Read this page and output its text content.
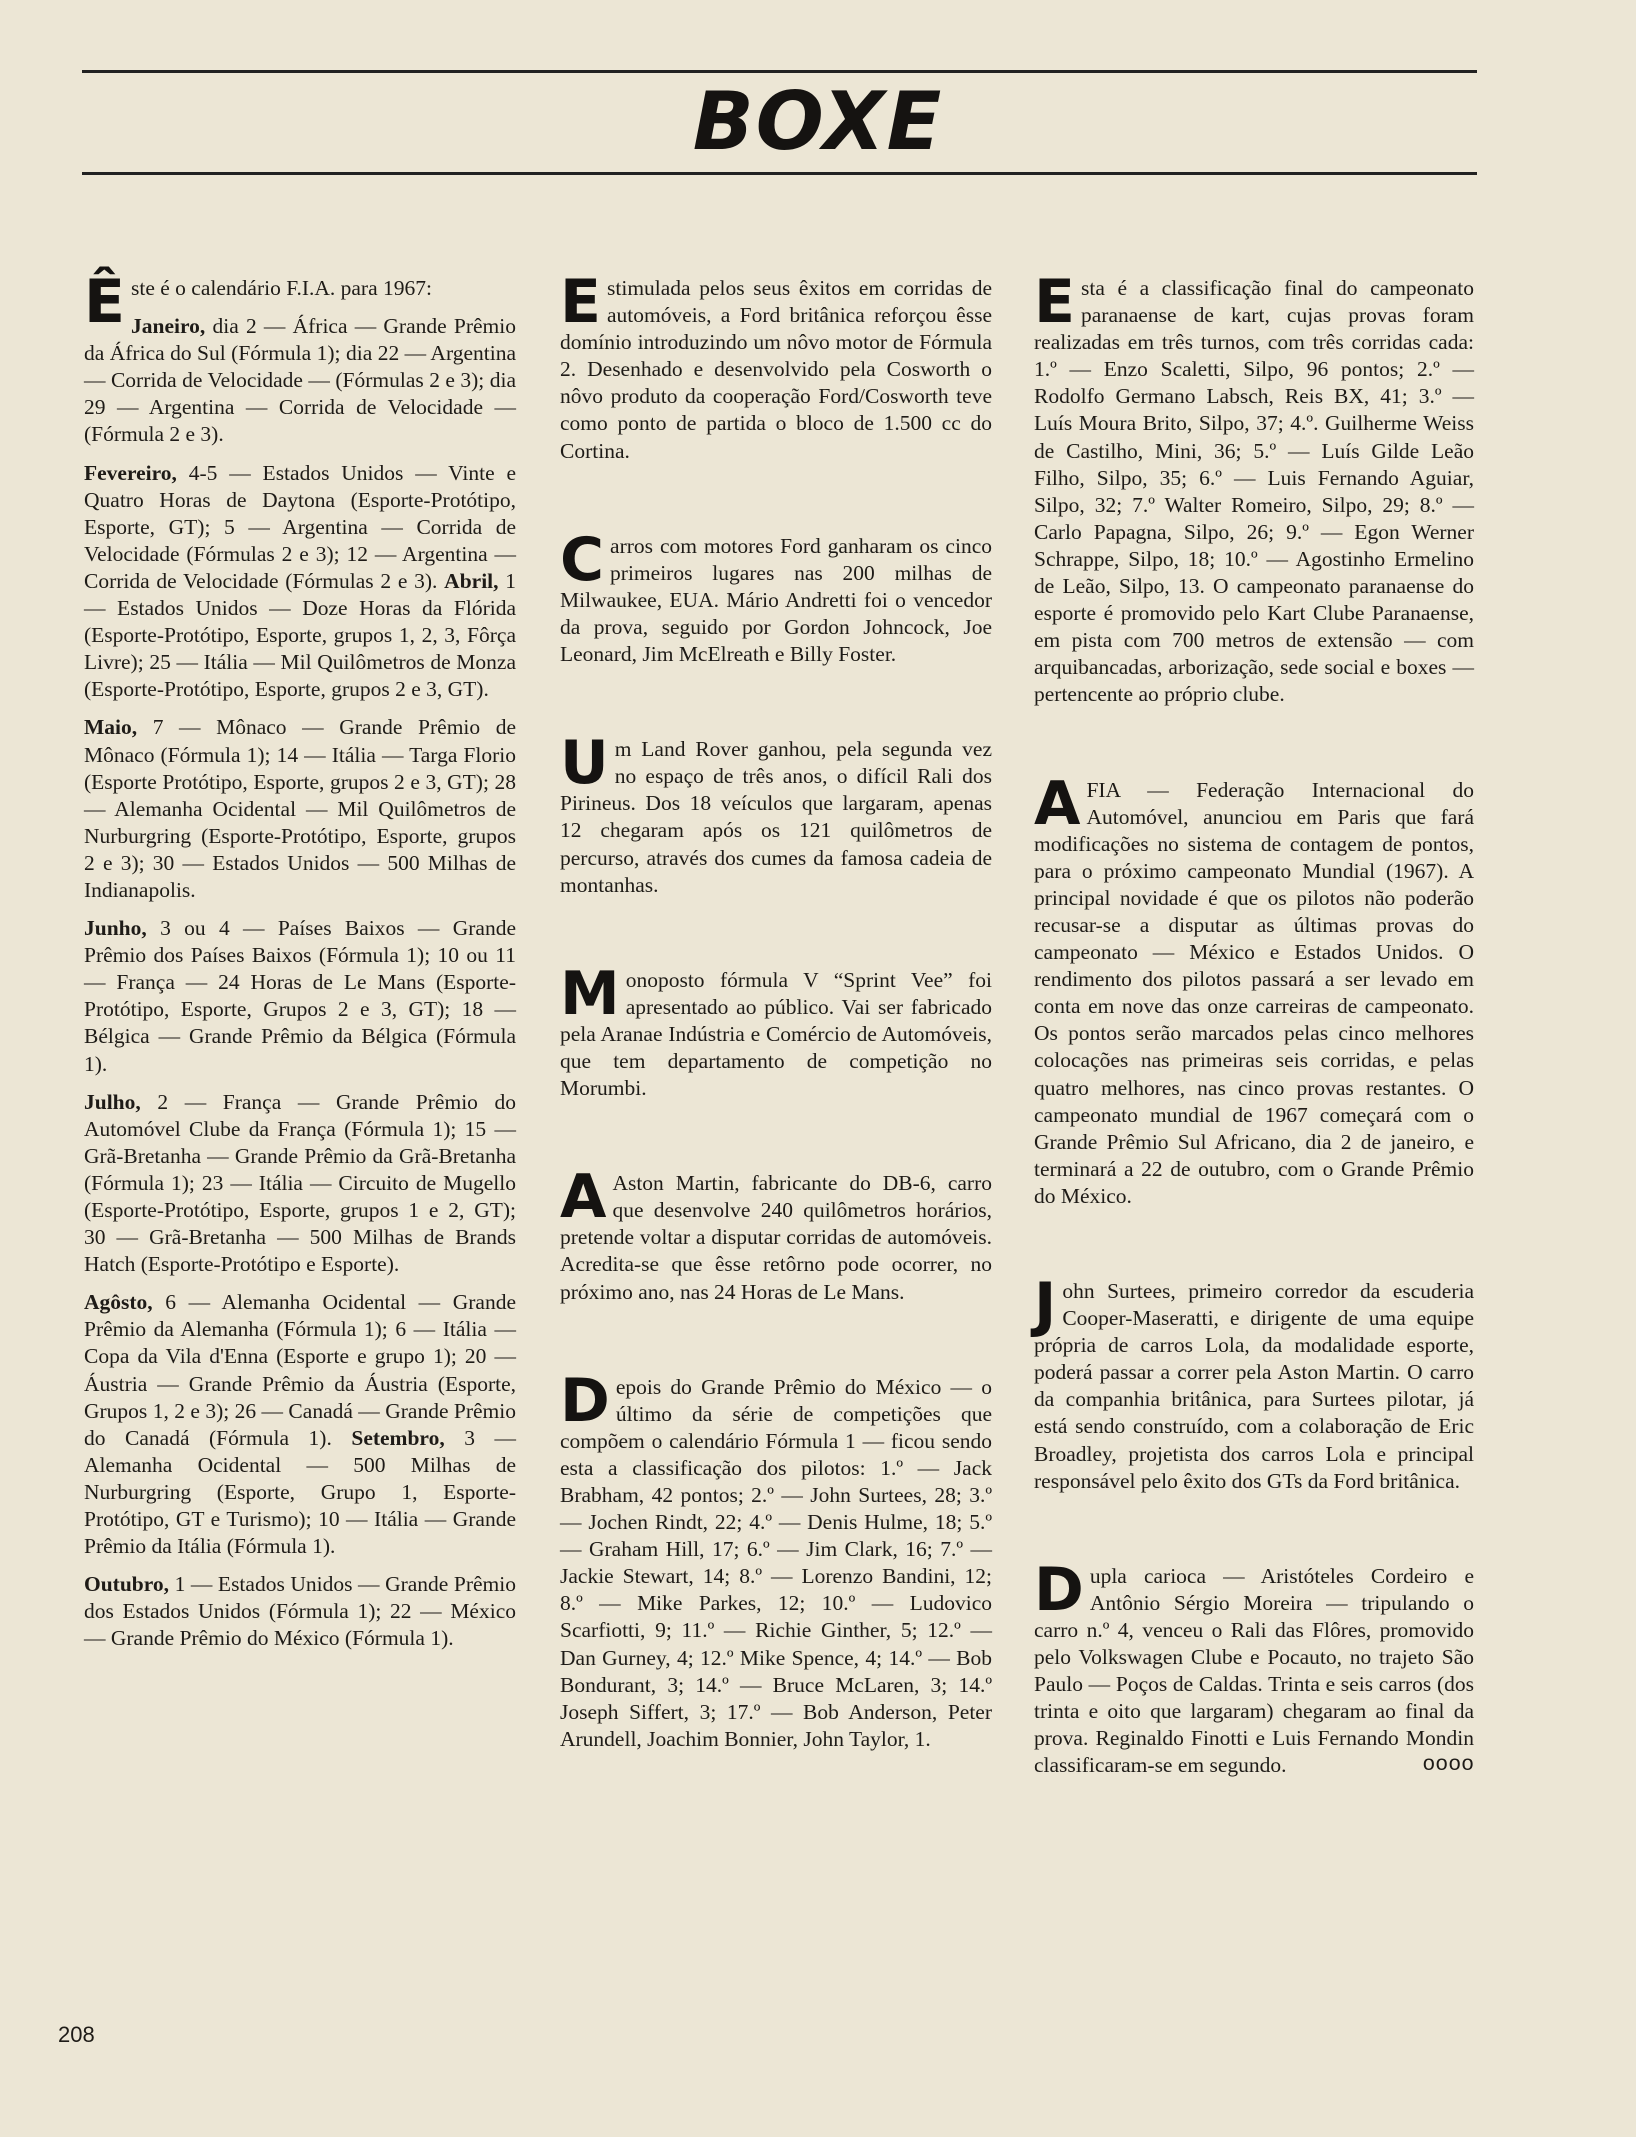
BOXE

Êste é o calendário F.I.A. para 1967:

Janeiro, dia 2 — África — Grande Prêmio da África do Sul (Fórmula 1); dia 22 — Argentina — Corrida de Velocidade — (Fórmulas 2 e 3); dia 29 — Argentina — Corrida de Velocidade — (Fórmula 2 e 3).

Fevereiro, 4-5 — Estados Unidos — Vinte e Quatro Horas de Daytona (Esporte-Protótipo, Esporte, GT); 5 — Argentina — Corrida de Velocidade (Fórmulas 2 e 3); 12 — Argentina — Corrida de Velocidade (Fórmulas 2 e 3). Abril, 1 — Estados Unidos — Doze Horas da Flórida (Esporte-Protótipo, Esporte, grupos 1, 2, 3, Fôrça Livre); 25 — Itália — Mil Quilômetros de Monza (Esporte-Protótipo, Esporte, grupos 2 e 3, GT).

Maio, 7 — Mônaco — Grande Prêmio de Mônaco (Fórmula 1); 14 — Itália — Targa Florio (Esporte Protótipo, Esporte, grupos 2 e 3, GT); 28 — Alemanha Ocidental — Mil Quilômetros de Nurburgring (Esporte-Protótipo, Esporte, grupos 2 e 3); 30 — Estados Unidos — 500 Milhas de Indianapolis.

Junho, 3 ou 4 — Países Baixos — Grande Prêmio dos Países Baixos (Fórmula 1); 10 ou 11 — França — 24 Horas de Le Mans (Esporte-Protótipo, Esporte, Grupos 2 e 3, GT); 18 — Bélgica — Grande Prêmio da Bélgica (Fórmula 1).

Julho, 2 — França — Grande Prêmio do Automóvel Clube da França (Fórmula 1); 15 — Grã-Bretanha — Grande Prêmio da Grã-Bretanha (Fórmula 1); 23 — Itália — Circuito de Mugello (Esporte-Protótipo, Esporte, grupos 1 e 2, GT); 30 — Grã-Bretanha — 500 Milhas de Brands Hatch (Esporte-Protótipo e Esporte).

Agôsto, 6 — Alemanha Ocidental — Grande Prêmio da Alemanha (Fórmula 1); 6 — Itália — Copa da Vila d'Enna (Esporte e grupo 1); 20 — Áustria — Grande Prêmio da Áustria (Esporte, Grupos 1, 2 e 3); 26 — Canadá — Grande Prêmio do Canadá (Fórmula 1). Setembro, 3 — Alemanha Ocidental — 500 Milhas de Nurburgring (Esporte, Grupo 1, Esporte-Protótipo, GT e Turismo); 10 — Itália — Grande Prêmio da Itália (Fórmula 1).

Outubro, 1 — Estados Unidos — Grande Prêmio dos Estados Unidos (Fórmula 1); 22 — México — Grande Prêmio do México (Fórmula 1).

Estimulada pelos seus êxitos em corridas de automóveis, a Ford britânica reforçou êsse domínio introduzindo um nôvo motor de Fórmula 2. Desenhado e desenvolvido pela Cosworth o nôvo produto da cooperação Ford/Cosworth teve como ponto de partida o bloco de 1.500 cc do Cortina.

Carros com motores Ford ganharam os cinco primeiros lugares nas 200 milhas de Milwaukee, EUA. Mário Andretti foi o vencedor da prova, seguido por Gordon Johncock, Joe Leonard, Jim McElreath e Billy Foster.

Um Land Rover ganhou, pela segunda vez no espaço de três anos, o difícil Rali dos Pirineus. Dos 18 veículos que largaram, apenas 12 chegaram após os 121 quilômetros de percurso, através dos cumes da famosa cadeia de montanhas.

Monoposto fórmula V “Sprint Vee” foi apresentado ao público. Vai ser fabricado pela Aranae Indústria e Comércio de Automóveis, que tem departamento de competição no Morumbi.

A Aston Martin, fabricante do DB-6, carro que desenvolve 240 quilômetros horários, pretende voltar a disputar corridas de automóveis. Acredita-se que êsse retôrno pode ocorrer, no próximo ano, nas 24 Horas de Le Mans.

Depois do Grande Prêmio do México — o último da série de competições que compõem o calendário Fórmula 1 — ficou sendo esta a classificação dos pilotos: 1.º — Jack Brabham, 42 pontos; 2.º — John Surtees, 28; 3.º — Jochen Rindt, 22; 4.º — Denis Hulme, 18; 5.º — Graham Hill, 17; 6.º — Jim Clark, 16; 7.º — Jackie Stewart, 14; 8.º — Lorenzo Bandini, 12; 8.º — Mike Parkes, 12; 10.º — Ludovico Scarfiotti, 9; 11.º — Richie Ginther, 5; 12.º — Dan Gurney, 4; 12.º Mike Spence, 4; 14.º — Bob Bondurant, 3; 14.º — Bruce McLaren, 3; 14.º Joseph Siffert, 3; 17.º — Bob Anderson, Peter Arundell, Joachim Bonnier, John Taylor, 1.

Esta é a classificação final do campeonato paranaense de kart, cujas provas foram realizadas em três turnos, com três corridas cada: 1.º — Enzo Scaletti, Silpo, 96 pontos; 2.º — Rodolfo Germano Labsch, Reis BX, 41; 3.º — Luís Moura Brito, Silpo, 37; 4.º. Guilherme Weiss de Castilho, Mini, 36; 5.º — Luís Gilde Leão Filho, Silpo, 35; 6.º — Luis Fernando Aguiar, Silpo, 32; 7.º Walter Romeiro, Silpo, 29; 8.º — Carlo Papagna, Silpo, 26; 9.º — Egon Werner Schrappe, Silpo, 18; 10.º — Agostinho Ermelino de Leão, Silpo, 13. O campeonato paranaense do esporte é promovido pelo Kart Clube Paranaense, em pista com 700 metros de extensão — com arquibancadas, arborização, sede social e boxes — pertencente ao próprio clube.

A FIA — Federação Internacional do Automóvel, anunciou em Paris que fará modificações no sistema de contagem de pontos, para o próximo campeonato Mundial (1967). A principal novidade é que os pilotos não poderão recusar-se a disputar as últimas provas do campeonato — México e Estados Unidos. O rendimento dos pilotos passará a ser levado em conta em nove das onze carreiras de campeonato. Os pontos serão marcados pelas cinco melhores colocações nas primeiras seis corridas, e pelas quatro melhores, nas cinco provas restantes. O campeonato mundial de 1967 começará com o Grande Prêmio Sul Africano, dia 2 de janeiro, e terminará a 22 de outubro, com o Grande Prêmio do México.

John Surtees, primeiro corredor da escuderia Cooper-Maseratti, e dirigente de uma equipe própria de carros Lola, da modalidade esporte, poderá passar a correr pela Aston Martin. O carro da companhia britânica, para Surtees pilotar, já está sendo construído, com a colaboração de Eric Broadley, projetista dos carros Lola e principal responsável pelo êxito dos GTs da Ford britânica.

Dupla carioca — Aristóteles Cordeiro e Antônio Sérgio Moreira — tripulando o carro n.º 4, venceu o Rali das Flôres, promovido pelo Volkswagen Clube e Pocauto, no trajeto São Paulo — Poços de Caldas. Trinta e seis carros (dos trinta e oito que largaram) chegaram ao final da prova. Reginaldo Finotti e Luis Fernando Mondin classificaram-se em segundo.	oooo

208
